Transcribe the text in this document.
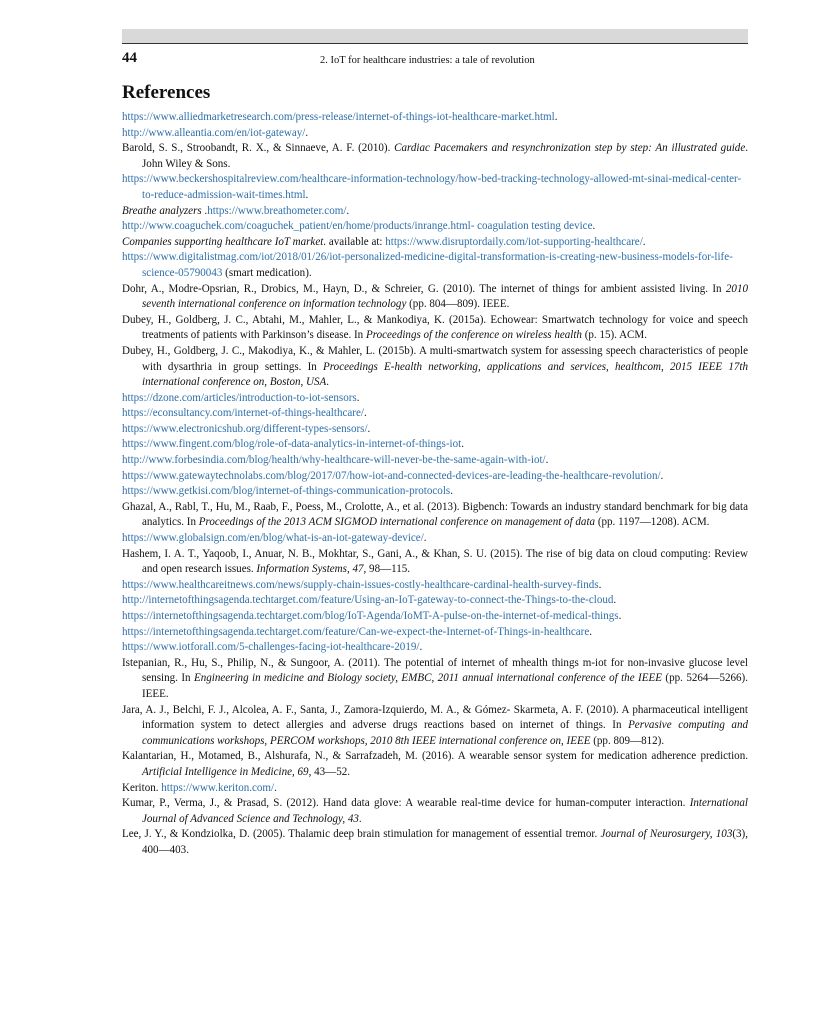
44	2. IoT for healthcare industries: a tale of revolution
References
https://www.alliedmarketresearch.com/press-release/internet-of-things-iot-healthcare-market.html.
http://www.alleantia.com/en/iot-gateway/.
Barold, S. S., Stroobandt, R. X., & Sinnaeve, A. F. (2010). Cardiac Pacemakers and resynchronization step by step: An illustrated guide. John Wiley & Sons.
https://www.beckershospitalreview.com/healthcare-information-technology/how-bed-tracking-technology-allowed-mt-sinai-medical-center-to-reduce-admission-wait-times.html.
Breathe analyzers .https://www.breathometer.com/.
http://www.coaguchek.com/coaguchek_patient/en/home/products/inrange.html- coagulation testing device.
Companies supporting healthcare IoT market. available at: https://www.disruptordaily.com/iot-supporting-healthcare/.
https://www.digitalistmag.com/iot/2018/01/26/iot-personalized-medicine-digital-transformation-is-creating-new-business-models-for-life-science-05790043 (smart medication).
Dohr, A., Modre-Opsrian, R., Drobics, M., Hayn, D., & Schreier, G. (2010). The internet of things for ambient assisted living. In 2010 seventh international conference on information technology (pp. 804—809). IEEE.
Dubey, H., Goldberg, J. C., Abtahi, M., Mahler, L., & Mankodiya, K. (2015a). Echowear: Smartwatch technology for voice and speech treatments of patients with Parkinson’s disease. In Proceedings of the conference on wireless health (p. 15). ACM.
Dubey, H., Goldberg, J. C., Makodiya, K., & Mahler, L. (2015b). A multi-smartwatch system for assessing speech characteristics of people with dysarthria in group settings. In Proceedings E-health networking, applications and services, healthcom, 2015 IEEE 17th international conference on, Boston, USA.
https://dzone.com/articles/introduction-to-iot-sensors.
https://econsultancy.com/internet-of-things-healthcare/.
https://www.electronicshub.org/different-types-sensors/.
https://www.fingent.com/blog/role-of-data-analytics-in-internet-of-things-iot.
http://www.forbesindia.com/blog/health/why-healthcare-will-never-be-the-same-again-with-iot/.
https://www.gatewaytechnolabs.com/blog/2017/07/how-iot-and-connected-devices-are-leading-the-healthcare-revolution/.
https://www.getkisi.com/blog/internet-of-things-communication-protocols.
Ghazal, A., Rabl, T., Hu, M., Raab, F., Poess, M., Crolotte, A., et al. (2013). Bigbench: Towards an industry standard benchmark for big data analytics. In Proceedings of the 2013 ACM SIGMOD international conference on management of data (pp. 1197—1208). ACM.
https://www.globalsign.com/en/blog/what-is-an-iot-gateway-device/.
Hashem, I. A. T., Yaqoob, I., Anuar, N. B., Mokhtar, S., Gani, A., & Khan, S. U. (2015). The rise of big data on cloud computing: Review and open research issues. Information Systems, 47, 98—115.
https://www.healthcareitnews.com/news/supply-chain-issues-costly-healthcare-cardinal-health-survey-finds.
http://internetofthingsagenda.techtarget.com/feature/Using-an-IoT-gateway-to-connect-the-Things-to-the-cloud.
https://internetofthingsagenda.techtarget.com/blog/IoT-Agenda/IoMT-A-pulse-on-the-internet-of-medical-things.
https://internetofthingsagenda.techtarget.com/feature/Can-we-expect-the-Internet-of-Things-in-healthcare.
https://www.iotforall.com/5-challenges-facing-iot-healthcare-2019/.
Istepanian, R., Hu, S., Philip, N., & Sungoor, A. (2011). The potential of internet of mhealth things m-iot for non-invasive glucose level sensing. In Engineering in medicine and Biology society, EMBC, 2011 annual international conference of the IEEE (pp. 5264—5266). IEEE.
Jara, A. J., Belchi, F. J., Alcolea, A. F., Santa, J., Zamora-Izquierdo, M. A., & Gómez- Skarmeta, A. F. (2010). A pharmaceutical intelligent information system to detect allergies and adverse drugs reactions based on internet of things. In Pervasive computing and communications workshops, PERCOM workshops, 2010 8th IEEE international conference on, IEEE (pp. 809—812).
Kalantarian, H., Motamed, B., Alshurafa, N., & Sarrafzadeh, M. (2016). A wearable sensor system for medication adherence prediction. Artificial Intelligence in Medicine, 69, 43—52.
Keriton. https://www.keriton.com/.
Kumar, P., Verma, J., & Prasad, S. (2012). Hand data glove: A wearable real-time device for human-computer interaction. International Journal of Advanced Science and Technology, 43.
Lee, J. Y., & Kondziolka, D. (2005). Thalamic deep brain stimulation for management of essential tremor. Journal of Neurosurgery, 103(3), 400—403.
